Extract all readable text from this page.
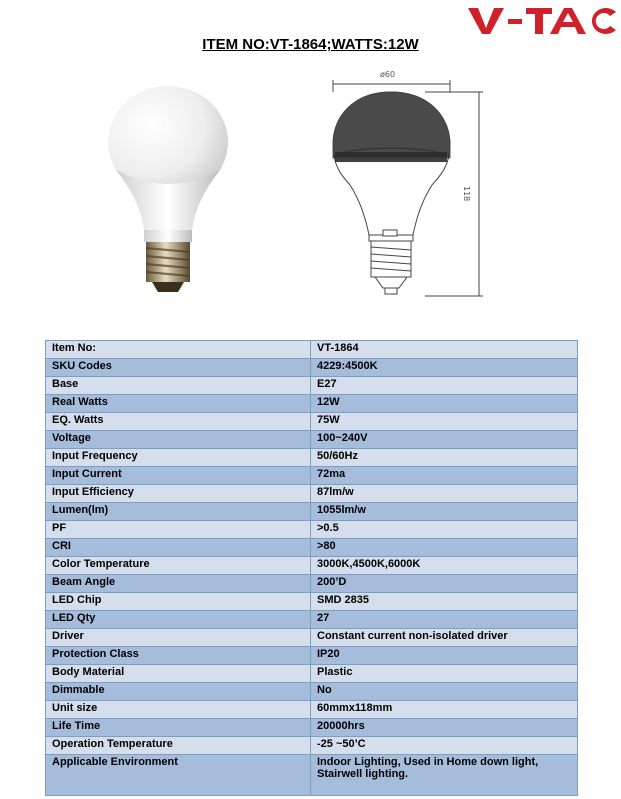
ITEM NO:VT-1864;WATTS:12W
ø60
118
Item No:	VT-1864
SKU Codes	4229:4500K
Base	E27
Real Watts	12W
EQ. Watts	75W
Voltage	100~240V
Input Frequency	50/60Hz
Input Current	72ma
Input Efficiency	87lm/w
Lumen(lm)	1055lm/w
PF	>0.5
CRI	>80
Color Temperature	3000K,4500K,6000K
Beam Angle	200’D
LED Chip	SMD 2835
LED Qty	27
Driver	Constant current non-isolated driver
Protection Class	IP20
Body Material	Plastic
Dimmable	No
Unit size	60mmx118mm
Life Time	20000hrs
Operation Temperature	-25 ~50’C
Applicable Environment	Indoor Lighting, Used in Home down light, Stairwell lighting.
